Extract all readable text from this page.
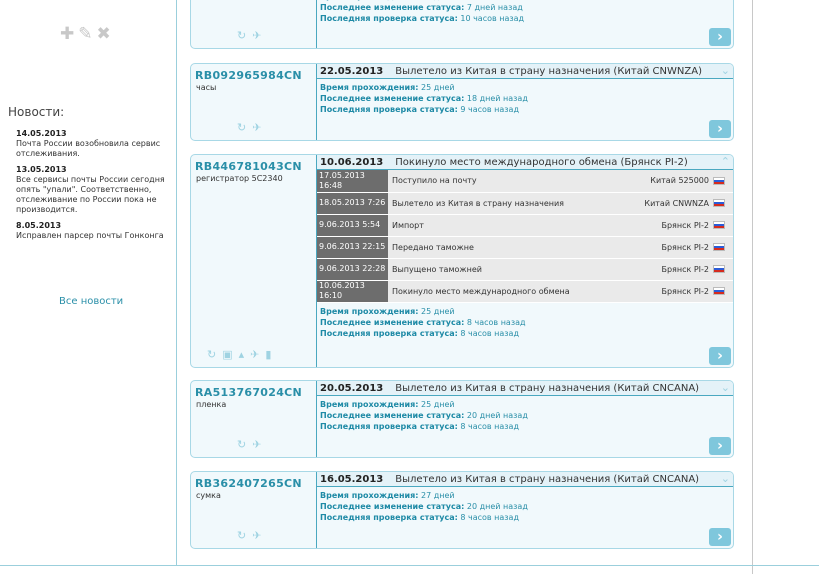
✚ ✎ ✖
Новости:
14.05.2013
Почта России возобновила сервис отслеживания.
13.05.2013
Все сервисы почты России сегодня опять "упали". Соответственно, отслеживание по России пока не производится.
8.05.2013
Исправлен парсер почты Гонконга
Все новости
↻ ✈
Последнее изменение статуса: 7 дней назад
Последняя проверка статуса: 10 часов назад
›
RB092965984CN
часы
↻ ✈
22.05.2013 Вылетело из Китая в страну назначения (Китай CNWNZA) ⌄
Время прохождения: 25 дней
Последнее изменение статуса: 18 дней назад
Последняя проверка статуса: 9 часов назад
›
RB446781043CN
регистратор 5С2340
↻ ▣ ▴ ✈ ▮
10.06.2013 Покинуло место международного обмена (Брянск PI-2)	⌃
17.05.2013 16:48	Поступило на почту	Китай 525000	

18.05.2013 7:26	Вылетело из Китая в страну назначения	Китай CNWNZA	

9.06.2013 5:54	Импорт	Брянск PI-2	

9.06.2013 22:15	Передано таможне	Брянск PI-2	

9.06.2013 22:28	Выпущено таможней	Брянск PI-2	

10.06.2013 16:10	Покинуло место международного обмена	Брянск PI-2	
Время прохождения: 25 дней
Последнее изменение статуса: 8 часов назад
Последняя проверка статуса: 8 часов назад
›
RA513767024CN
пленка
↻ ✈
20.05.2013 Вылетело из Китая в страну назначения (Китай CNCANA) ⌄
Время прохождения: 25 дней
Последнее изменение статуса: 20 дней назад
Последняя проверка статуса: 8 часов назад
›
RB362407265CN
сумка
↻ ✈
16.05.2013 Вылетело из Китая в страну назначения (Китай CNCANA) ⌄
Время прохождения: 27 дней
Последнее изменение статуса: 20 дней назад
Последняя проверка статуса: 8 часов назад
›
